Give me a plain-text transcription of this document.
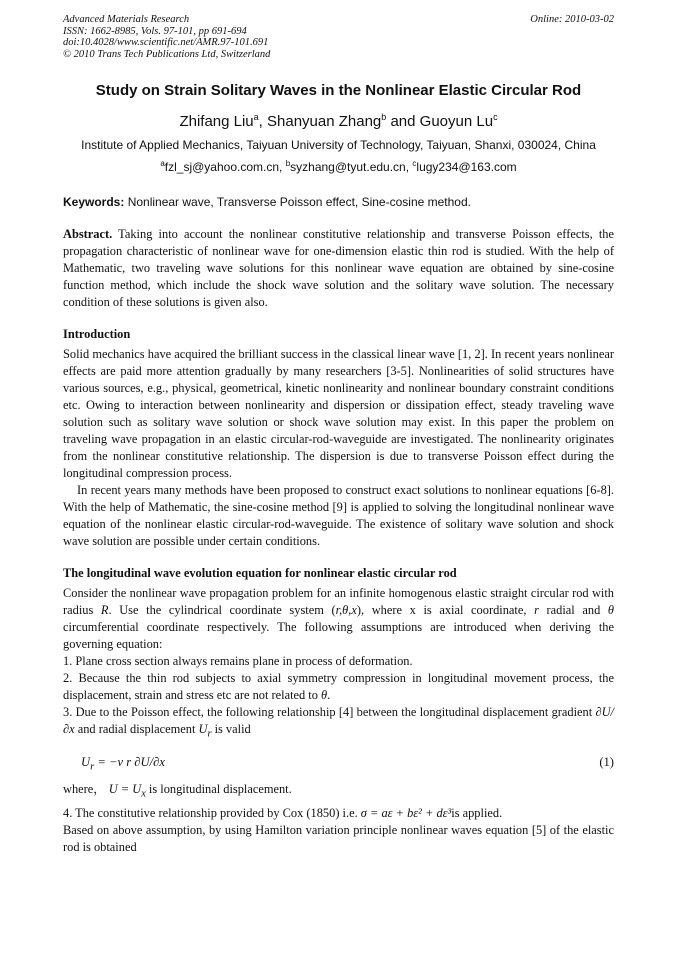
Advanced Materials Research
ISSN: 1662-8985, Vols. 97-101, pp 691-694
doi:10.4028/www.scientific.net/AMR.97-101.691
© 2010 Trans Tech Publications Ltd, Switzerland
Online: 2010-03-02
Study on Strain Solitary Waves in the Nonlinear Elastic Circular Rod
Zhifang Liu$^a$, Shanyuan Zhang$^b$ and Guoyun Lu$^c$
Institute of Applied Mechanics, Taiyuan University of Technology, Taiyuan, Shanxi, 030024, China
$^a$fzl_sj@yahoo.com.cn, $^b$syzhang@tyut.edu.cn, $^c$lugy234@163.com
Keywords: Nonlinear wave, Transverse Poisson effect, Sine-cosine method.
Abstract. Taking into account the nonlinear constitutive relationship and transverse Poisson effects, the propagation characteristic of nonlinear wave for one-dimension elastic thin rod is studied. With the help of Mathematic, two traveling wave solutions for this nonlinear wave equation are obtained by sine-cosine function method, which include the shock wave solution and the solitary wave solution. The necessary condition of these solutions is given also.
Introduction
Solid mechanics have acquired the brilliant success in the classical linear wave [1, 2]. In recent years nonlinear effects are paid more attention gradually by many researchers [3-5]. Nonlinearities of solid structures have various sources, e.g., physical, geometrical, kinetic nonlinearity and nonlinear boundary constraint conditions etc. Owing to interaction between nonlinearity and dispersion or dissipation effect, steady traveling wave solution such as solitary wave solution or shock wave solution may exist. In this paper the problem on traveling wave propagation in an elastic circular-rod-waveguide are investigated. The nonlinearity originates from the nonlinear constitutive relationship. The dispersion is due to transverse Poisson effect during the longitudinal compression process.
In recent years many methods have been proposed to construct exact solutions to nonlinear equations [6-8]. With the help of Mathematic, the sine-cosine method [9] is applied to solving the longitudinal nonlinear wave equation of the nonlinear elastic circular-rod-waveguide. The existence of solitary wave solution and shock wave solution are possible under certain conditions.
The longitudinal wave evolution equation for nonlinear elastic circular rod
Consider the nonlinear wave propagation problem for an infinite homogenous elastic straight circular rod with radius R. Use the cylindrical coordinate system (r,θ,x), where x is axial coordinate, r radial and θ circumferential coordinate respectively. The following assumptions are introduced when deriving the governing equation:
1. Plane cross section always remains plane in process of deformation.
2. Because the thin rod subjects to axial symmetry compression in longitudinal movement process, the displacement, strain and stress etc are not related to θ.
3. Due to the Poisson effect, the following relationship [4] between the longitudinal displacement gradient ∂U/∂x and radial displacement $U_r$ is valid
$U_r = -\nu$ r ∂U/∂x	(1)
where， $U = U_x$ is longitudinal displacement.
4. The constitutive relationship provided by Cox (1850) i.e. σ = aε + bε² + dε³is applied.
Based on above assumption, by using Hamilton variation principle nonlinear waves equation [5] of the elastic rod is obtained
